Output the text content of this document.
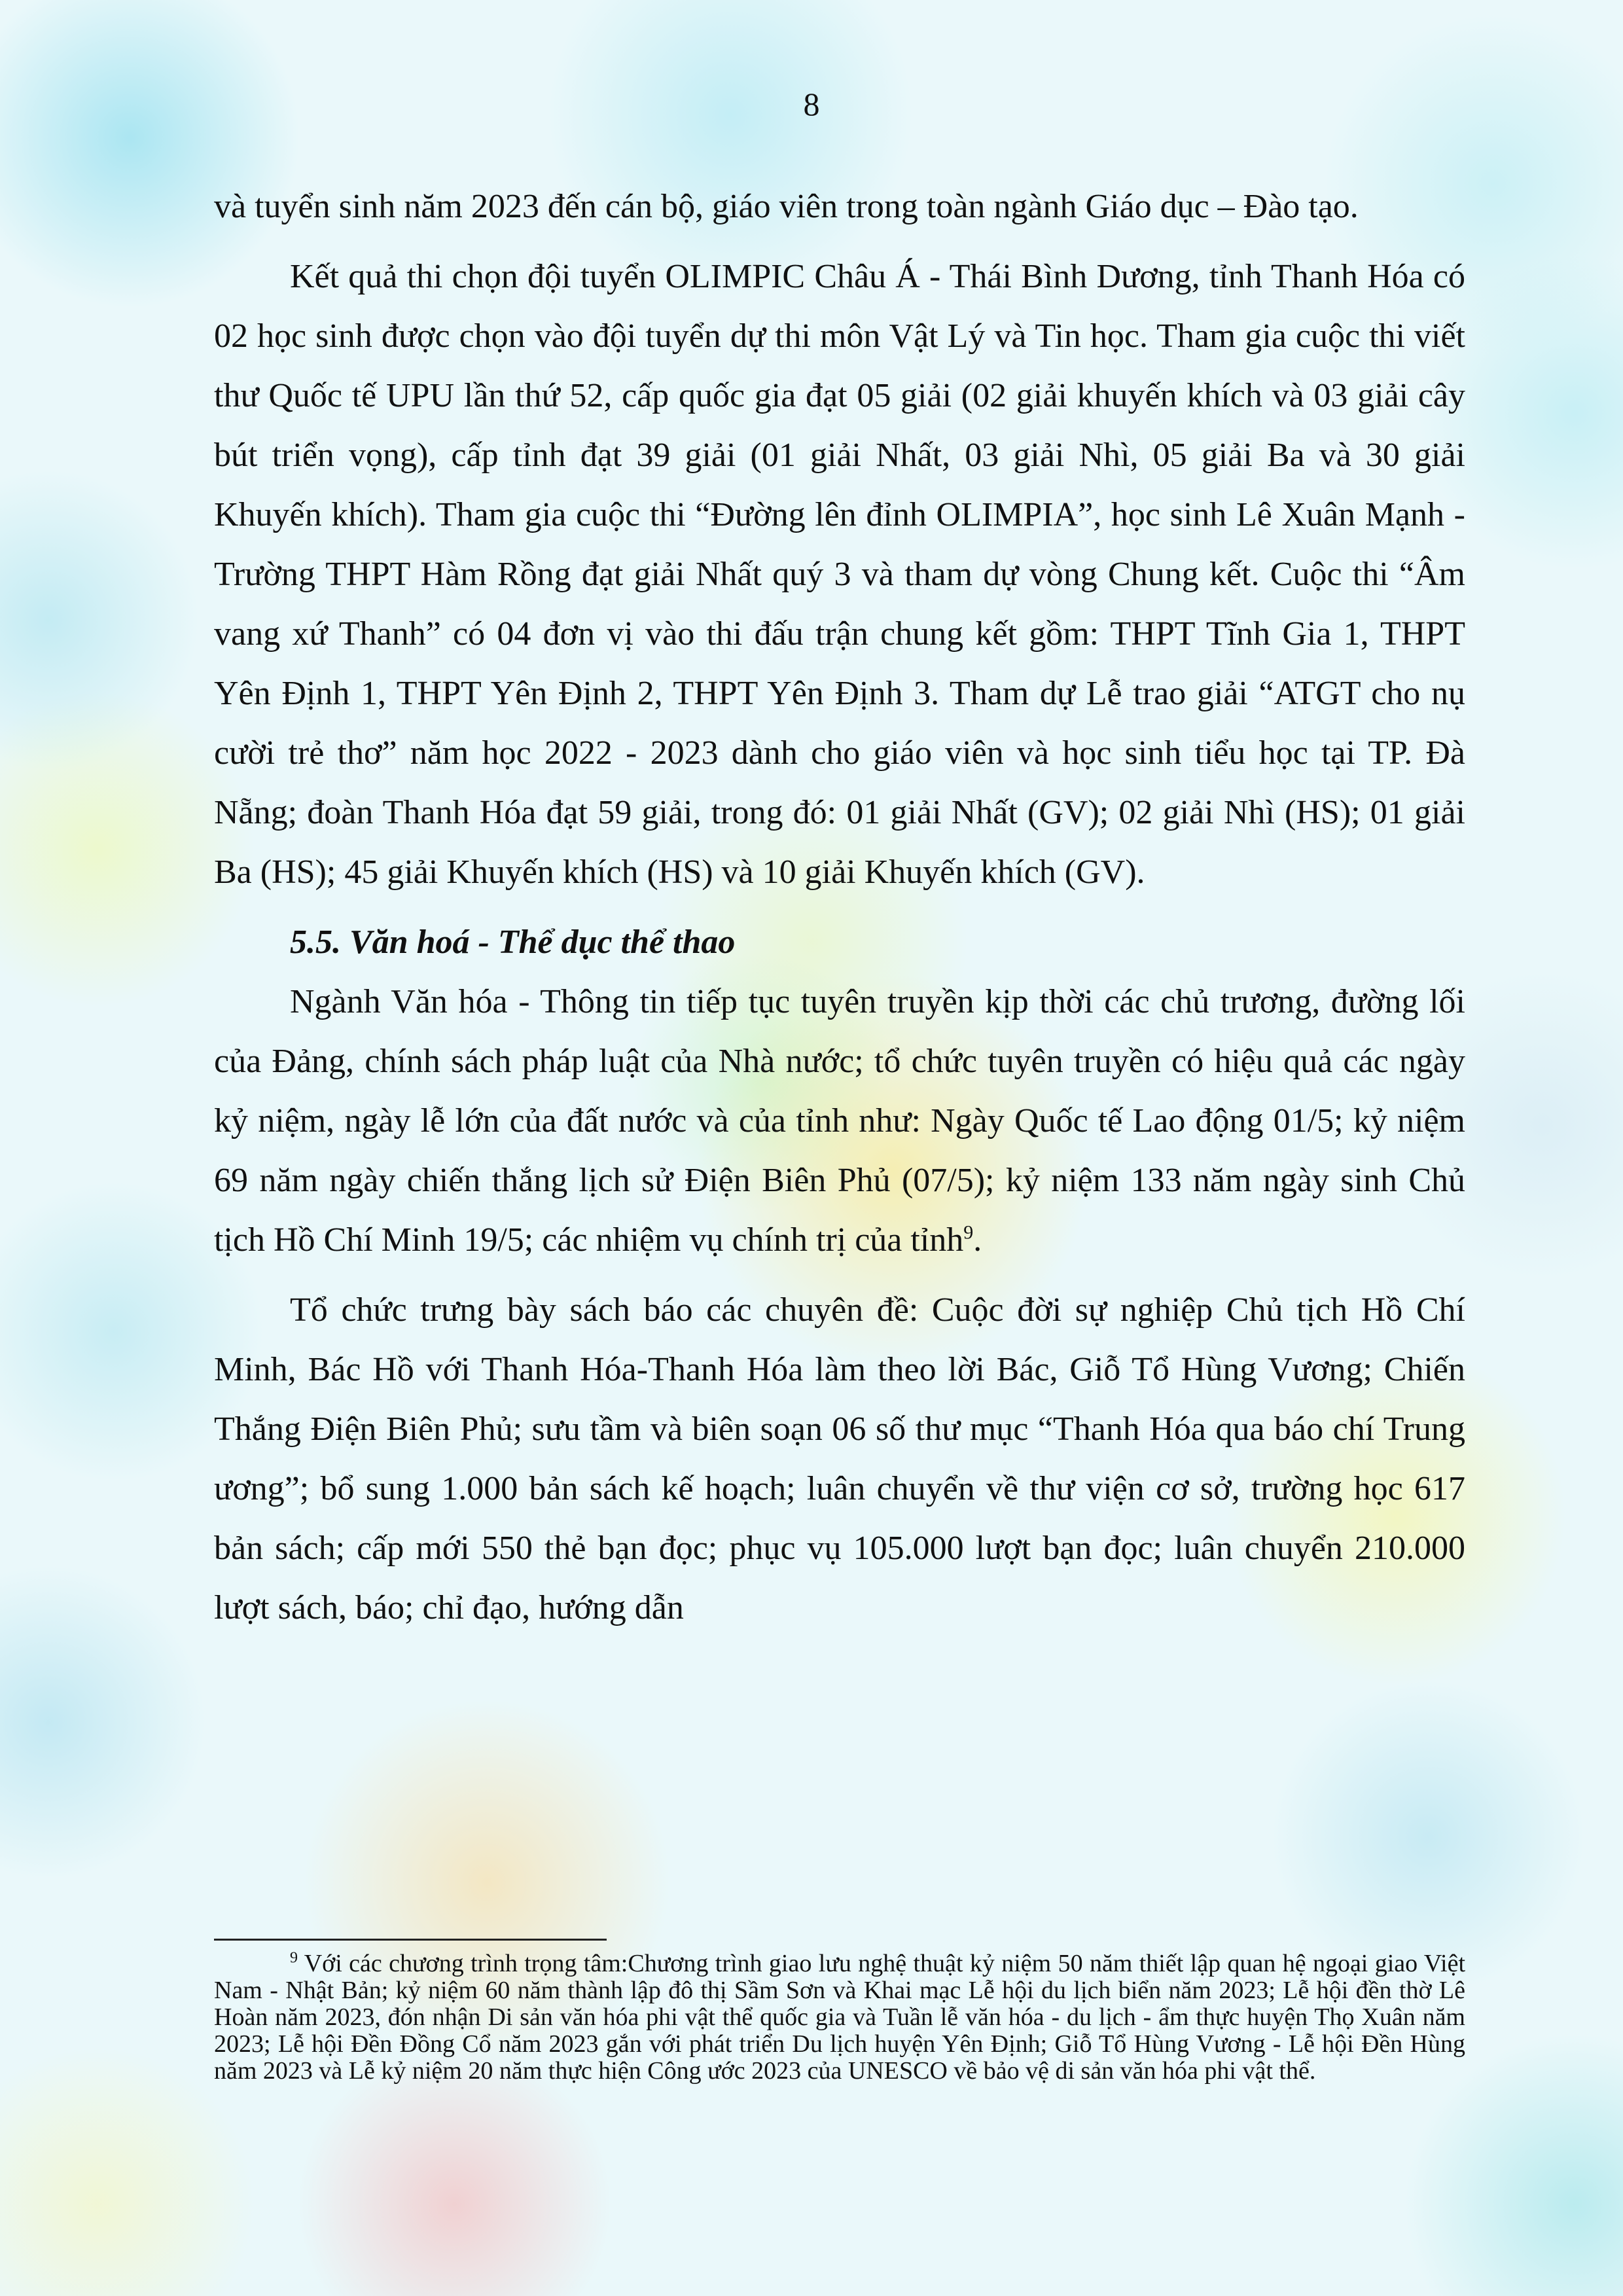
8

và tuyển sinh năm 2023 đến cán bộ, giáo viên trong toàn ngành Giáo dục – Đào tạo.

Kết quả thi chọn đội tuyển OLIMPIC Châu Á - Thái Bình Dương, tỉnh Thanh Hóa có 02 học sinh được chọn vào đội tuyển dự thi môn Vật Lý và Tin học. Tham gia cuộc thi viết thư Quốc tế UPU lần thứ 52, cấp quốc gia đạt 05 giải (02 giải khuyến khích và 03 giải cây bút triển vọng), cấp tỉnh đạt 39 giải (01 giải Nhất, 03 giải Nhì, 05 giải Ba và 30 giải Khuyến khích). Tham gia cuộc thi “Đường lên đỉnh OLIMPIA”, học sinh Lê Xuân Mạnh - Trường THPT Hàm Rồng đạt giải Nhất quý 3 và tham dự vòng Chung kết. Cuộc thi “Âm vang xứ Thanh” có 04 đơn vị vào thi đấu trận chung kết gồm: THPT Tĩnh Gia 1, THPT Yên Định 1, THPT Yên Định 2, THPT Yên Định 3. Tham dự Lễ trao giải “ATGT cho nụ cười trẻ thơ” năm học 2022 - 2023 dành cho giáo viên và học sinh tiểu học tại TP. Đà Nẵng; đoàn Thanh Hóa đạt 59 giải, trong đó: 01 giải Nhất (GV); 02 giải Nhì (HS); 01 giải Ba (HS); 45 giải Khuyến khích (HS) và 10 giải Khuyến khích (GV).

5.5. Văn hoá - Thể dục thể thao

Ngành Văn hóa - Thông tin tiếp tục tuyên truyền kịp thời các chủ trương, đường lối của Đảng, chính sách pháp luật của Nhà nước; tổ chức tuyên truyền có hiệu quả các ngày kỷ niệm, ngày lễ lớn của đất nước và của tỉnh như: Ngày Quốc tế Lao động 01/5; kỷ niệm 69 năm ngày chiến thắng lịch sử Điện Biên Phủ (07/5); kỷ niệm 133 năm ngày sinh Chủ tịch Hồ Chí Minh 19/5; các nhiệm vụ chính trị của tỉnh$^9$.

Tổ chức trưng bày sách báo các chuyên đề: Cuộc đời sự nghiệp Chủ tịch Hồ Chí Minh, Bác Hồ với Thanh Hóa-Thanh Hóa làm theo lời Bác, Giỗ Tổ Hùng Vương; Chiến Thắng Điện Biên Phủ; sưu tầm và biên soạn 06 số thư mục “Thanh Hóa qua báo chí Trung ương”; bổ sung 1.000 bản sách kế hoạch; luân chuyển về thư viện cơ sở, trường học 617 bản sách; cấp mới 550 thẻ bạn đọc; phục vụ 105.000 lượt bạn đọc; luân chuyển 210.000 lượt sách, báo; chỉ đạo, hướng dẫn

$^9$ Với các chương trình trọng tâm:Chương trình giao lưu nghệ thuật kỷ niệm 50 năm thiết lập quan hệ ngoại giao Việt Nam - Nhật Bản; kỷ niệm 60 năm thành lập đô thị Sầm Sơn và Khai mạc Lễ hội du lịch biển năm 2023; Lễ hội đền thờ Lê Hoàn năm 2023, đón nhận Di sản văn hóa phi vật thể quốc gia và Tuần lễ văn hóa - du lịch - ẩm thực huyện Thọ Xuân năm 2023; Lễ hội Đền Đồng Cổ năm 2023 gắn với phát triển Du lịch huyện Yên Định; Giỗ Tổ Hùng Vương - Lễ hội Đền Hùng năm 2023 và Lễ kỷ niệm 20 năm thực hiện Công ước 2023 của UNESCO về bảo vệ di sản văn hóa phi vật thể.
